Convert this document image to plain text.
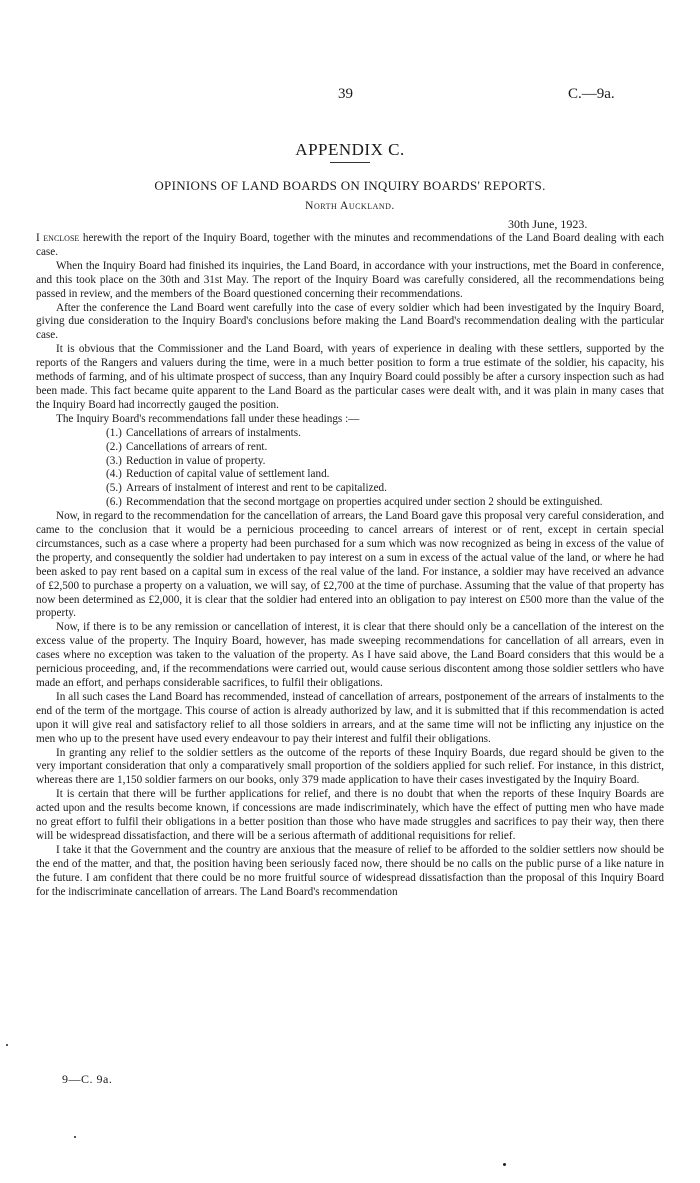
39	C.—9a.
APPENDIX C.
OPINIONS OF LAND BOARDS ON INQUIRY BOARDS' REPORTS.
North Auckland.
30th June, 1923.

I enclose herewith the report of the Inquiry Board, together with the minutes and recommendations of the Land Board dealing with each case.

When the Inquiry Board had finished its inquiries, the Land Board, in accordance with your instructions, met the Board in conference, and this took place on the 30th and 31st May. The report of the Inquiry Board was carefully considered, all the recommendations being passed in review, and the members of the Board questioned concerning their recommendations.

After the conference the Land Board went carefully into the case of every soldier which had been investigated by the Inquiry Board, giving due consideration to the Inquiry Board's conclusions before making the Land Board's recommendation dealing with the particular case.

It is obvious that the Commissioner and the Land Board, with years of experience in dealing with these settlers, supported by the reports of the Rangers and valuers during the time, were in a much better position to form a true estimate of the soldier, his capacity, his methods of farming, and of his ultimate prospect of success, than any Inquiry Board could possibly be after a cursory inspection such as had been made. This fact became quite apparent to the Land Board as the particular cases were dealt with, and it was plain in many cases that the Inquiry Board had incorrectly gauged the position.

The Inquiry Board's recommendations fall under these headings :—

(1.) Cancellations of arrears of instalments.
(2.) Cancellations of arrears of rent.
(3.) Reduction in value of property.
(4.) Reduction of capital value of settlement land.
(5.) Arrears of instalment of interest and rent to be capitalized.
(6.) Recommendation that the second mortgage on properties acquired under section 2 should be extinguished.

Now, in regard to the recommendation for the cancellation of arrears, the Land Board gave this proposal very careful consideration, and came to the conclusion that it would be a pernicious proceeding to cancel arrears of interest or of rent, except in certain special circumstances, such as a case where a property had been purchased for a sum which was now recognized as being in excess of the value of the property, and consequently the soldier had undertaken to pay interest on a sum in excess of the actual value of the land, or where he had been asked to pay rent based on a capital sum in excess of the real value of the land. For instance, a soldier may have received an advance of £2,500 to purchase a property on a valuation, we will say, of £2,700 at the time of purchase. Assuming that the value of that property has now been determined as £2,000, it is clear that the soldier had entered into an obligation to pay interest on £500 more than the value of the property.

Now, if there is to be any remission or cancellation of interest, it is clear that there should only be a cancellation of the interest on the excess value of the property. The Inquiry Board, however, has made sweeping recommendations for cancellation of all arrears, even in cases where no exception was taken to the valuation of the property. As I have said above, the Land Board considers that this would be a pernicious proceeding, and, if the recommendations were carried out, would cause serious discontent among those soldier settlers who have made an effort, and perhaps considerable sacrifices, to fulfil their obligations.

In all such cases the Land Board has recommended, instead of cancellation of arrears, postponement of the arrears of instalments to the end of the term of the mortgage. This course of action is already authorized by law, and it is submitted that if this recommendation is acted upon it will give real and satisfactory relief to all those soldiers in arrears, and at the same time will not be inflicting any injustice on the men who up to the present have used every endeavour to pay their interest and fulfil their obligations.

In granting any relief to the soldier settlers as the outcome of the reports of these Inquiry Boards, due regard should be given to the very important consideration that only a comparatively small proportion of the soldiers applied for such relief. For instance, in this district, whereas there are 1,150 soldier farmers on our books, only 379 made application to have their cases investigated by the Inquiry Board.

It is certain that there will be further applications for relief, and there is no doubt that when the reports of these Inquiry Boards are acted upon and the results become known, if concessions are made indiscriminately, which have the effect of putting men who have made no great effort to fulfil their obligations in a better position than those who have made struggles and sacrifices to pay their way, then there will be widespread dissatisfaction, and there will be a serious aftermath of additional requisitions for relief.

I take it that the Government and the country are anxious that the measure of relief to be afforded to the soldier settlers now should be the end of the matter, and that, the position having been seriously faced now, there should be no calls on the public purse of a like nature in the future. I am confident that there could be no more fruitful source of widespread dissatisfaction than the proposal of this Inquiry Board for the indiscriminate cancellation of arrears. The Land Board's recommendation

9—C. 9a.
